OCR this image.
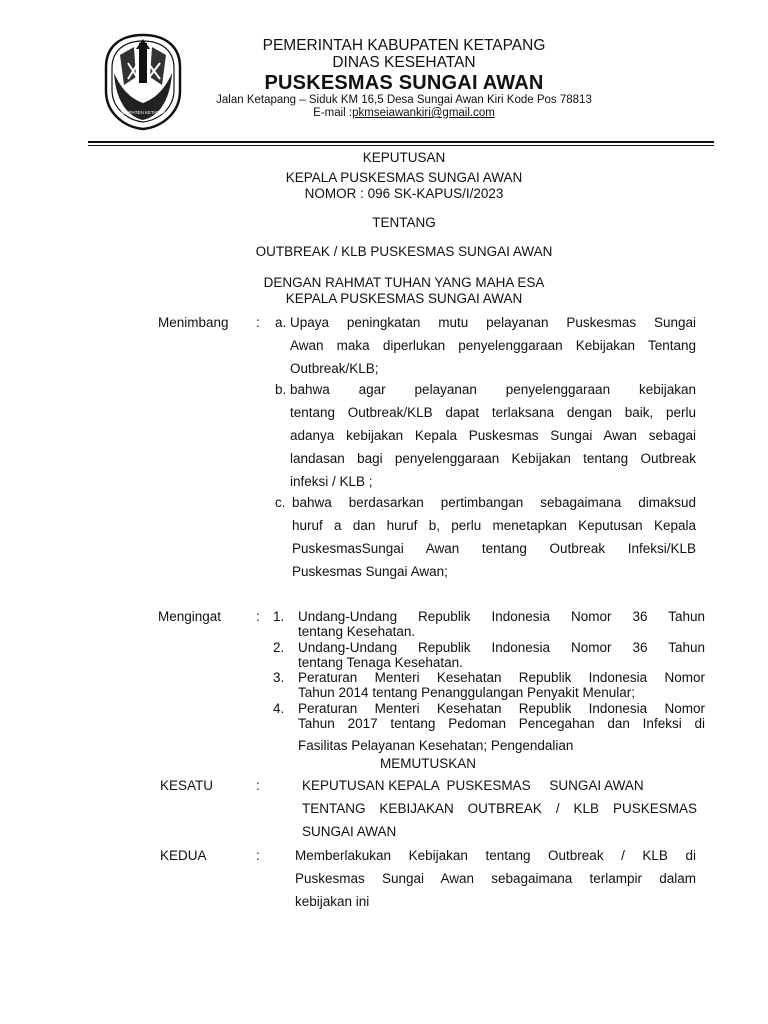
KABUPATEN KETAPANG
PEMERINTAH KABUPATEN KETAPANG
DINAS KESEHATAN
PUSKESMAS SUNGAI AWAN
Jalan Ketapang – Siduk KM 16,5 Desa Sungai Awan Kiri Kode Pos 78813
E-mail :pkmseiawankiri@gmail.com
KEPUTUSAN
KEPALA PUSKESMAS SUNGAI AWAN
NOMOR : 096 SK-KAPUS/I/2023
TENTANG
OUTBREAK / KLB PUSKESMAS SUNGAI AWAN
DENGAN RAHMAT TUHAN YANG MAHA ESA
KEPALA PUSKESMAS SUNGAI AWAN
Menimbang : a. Upaya peningkatan mutu pelayanan Puskesmas Sungai
Awan maka diperlukan penyelenggaraan Kebijakan Tentang
Outbreak/KLB;
b. bahwa agar pelayanan penyelenggaraan kebijakan
tentang Outbreak/KLB dapat terlaksana dengan baik, perlu
adanya kebijakan Kepala Puskesmas Sungai Awan sebagai
landasan bagi penyelenggaraan Kebijakan tentang Outbreak
infeksi / KLB ;
c. bahwa berdasarkan pertimbangan sebagaimana dimaksud
huruf a dan huruf b, perlu menetapkan Keputusan Kepala
PuskesmasSungai Awan tentang Outbreak Infeksi/KLB
Puskesmas Sungai Awan;
Mengingat	: 1. Undang-Undang Republik Indonesia Nomor 36 Tahun
tentang Kesehatan.
2. Undang-Undang Republik Indonesia Nomor 36 Tahun
tentang Tenaga Kesehatan.
3. Peraturan Menteri Kesehatan Republik Indonesia Nomor
Tahun 2014 tentang Penanggulangan Penyakit Menular;
4. Peraturan Menteri Kesehatan Republik Indonesia Nomor
Tahun 2017 tentang Pedoman Pencegahan dan Infeksi di
Fasilitas Pelayanan Kesehatan; Pengendalian
MEMUTUSKAN
KESATU	:	KEPUTUSAN KEPALA  PUSKESMAS     SUNGAI AWAN
TENTANG KEBIJAKAN OUTBREAK / KLB PUSKESMAS
SUNGAI AWAN
KEDUA	:	Memberlakukan Kebijakan tentang Outbreak / KLB di
Puskesmas Sungai Awan sebagaimana terlampir dalam
kebijakan ini
